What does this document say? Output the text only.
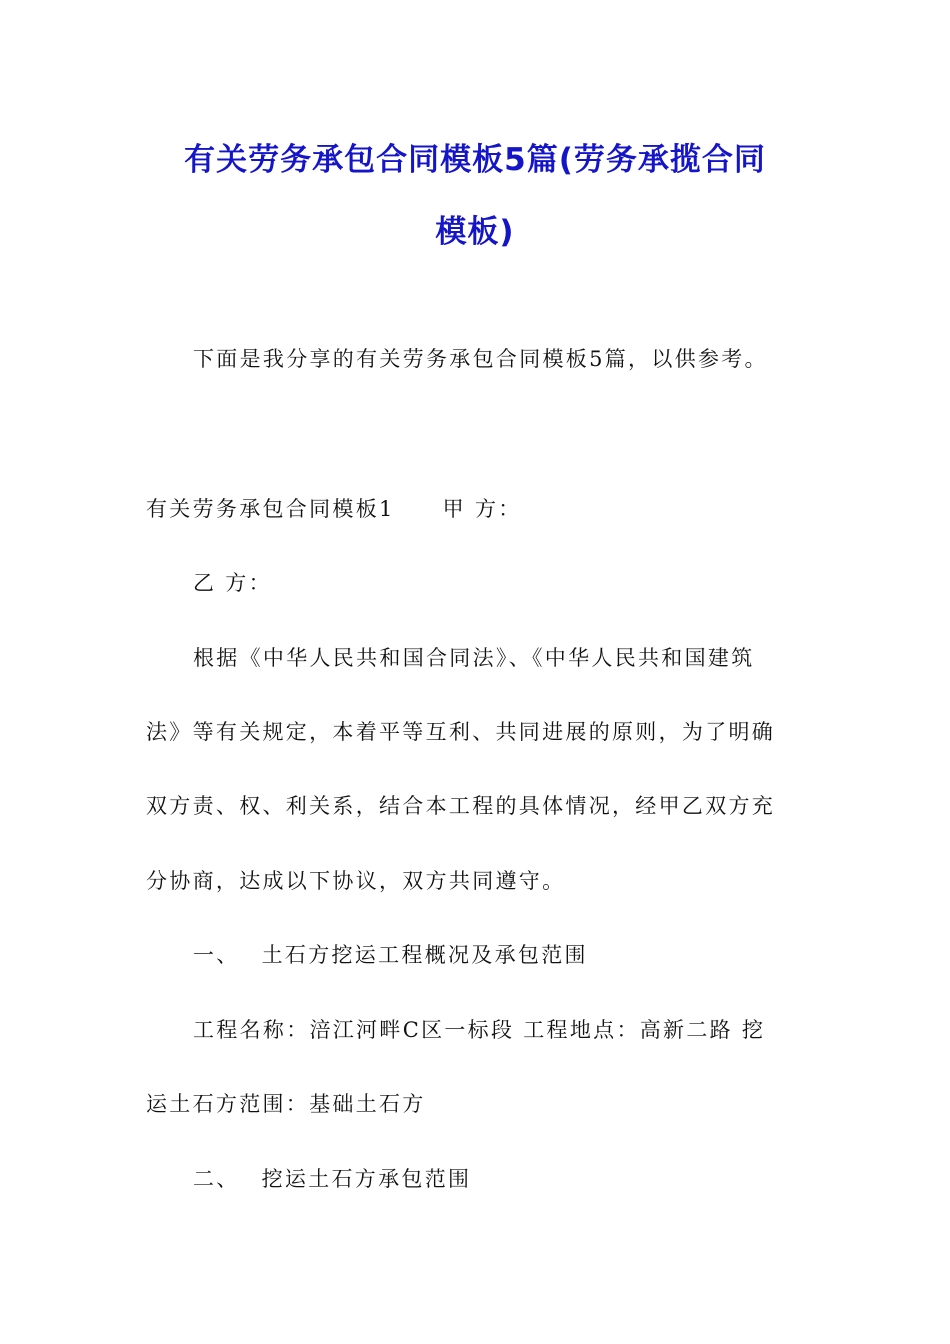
有关劳务承包合同模板5篇(劳务承揽合同
模板)
下面是我分享的有关劳务承包合同模板5篇，以供参考。
有关劳务承包合同模板1 甲 方：
乙 方：
根据《中华人民共和国合同法》、《中华人民共和国建筑
法》等有关规定，本着平等互利、共同进展的原则，为了明确
双方责、权、利关系，结合本工程的具体情况，经甲乙双方充
分协商，达成以下协议，双方共同遵守。
一、 土石方挖运工程概况及承包范围
工程名称：涪江河畔C区一标段 工程地点：高新二路 挖
运土石方范围：基础土石方
二、 挖运土石方承包范围
